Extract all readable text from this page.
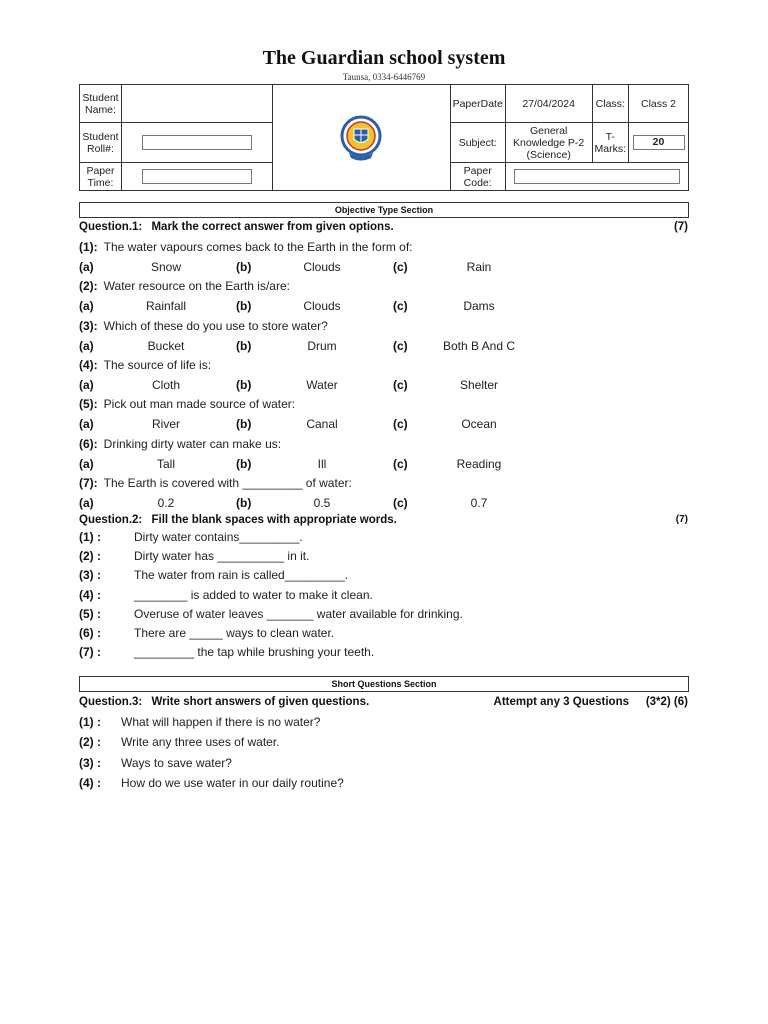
The Guardian school system
Taunsa, 0334-6446769
Student Name:			PaperDate	27/04/2024	Class:	Class 2
Student Roll#:			Subject:	General Knowledge P-2 (Science)	T-Marks:	20

Paper Time:			Paper Code:			
Objective Type Section
Question.1: Mark the correct answer from given options.	(7)
(1): The water vapours comes back to the Earth in the form of:
(a)	Snow	(b)	Clouds	(c)	Rain
(2): Water resource on the Earth is/are:
(a)	Rainfall	(b)	Clouds	(c)	Dams
(3): Which of these do you use to store water?
(a)	Bucket	(b)	Drum	(c)	Both B And C
(4): The source of life is:
(a)	Cloth	(b)	Water	(c)	Shelter
(5): Pick out man made source of water:
(a)	River	(b)	Canal	(c)	Ocean
(6): Drinking dirty water can make us:
(a)	Tall	(b)	Ill	(c)	Reading
(7): The Earth is covered with _________ of water:
(a)	0.2	(b)	0.5	(c)	0.7
Question.2: Fill the blank spaces with appropriate words.	(7)
(1) :	Dirty water contains_________.
(2) :	Dirty water has __________ in it.
(3) :	The water from rain is called_________.
(4) :	________ is added to water to make it clean.
(5) :	Overuse of water leaves _______ water available for drinking.
(6) :	There are _____ ways to clean water.
(7) :	_________ the tap while brushing your teeth.
Short Questions Section
Question.3: Write short answers of given questions.	Attempt any 3 Questions (3*2) (6)
(1) : What will happen if there is no water?
(2) : Write any three uses of water.
(3) : Ways to save water?
(4) : How do we use water in our daily routine?
